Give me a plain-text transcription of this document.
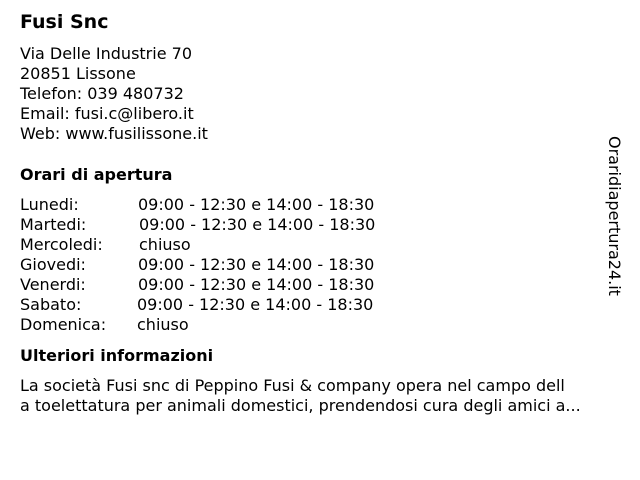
Fusi Snc
Via Delle Industrie 70
20851 Lissone
Telefon: 039 480732
Email: fusi.c@libero.it
Web: www.fusilissone.it
Orari di apertura
Lunedi:	09:00 - 12:30 e 14:00 - 18:30
Martedi:	09:00 - 12:30 e 14:00 - 18:30
Mercoledi:	chiuso
Giovedi:	09:00 - 12:30 e 14:00 - 18:30
Venerdi:	09:00 - 12:30 e 14:00 - 18:30
Sabato:	09:00 - 12:30 e 14:00 - 18:30
Domenica:	chiuso
Ulteriori informazioni
La società Fusi snc di Peppino Fusi & company opera nel campo dell
a toelettatura per animali domestici, prendendosi cura degli amici a...
Oraridiapertura24.it
